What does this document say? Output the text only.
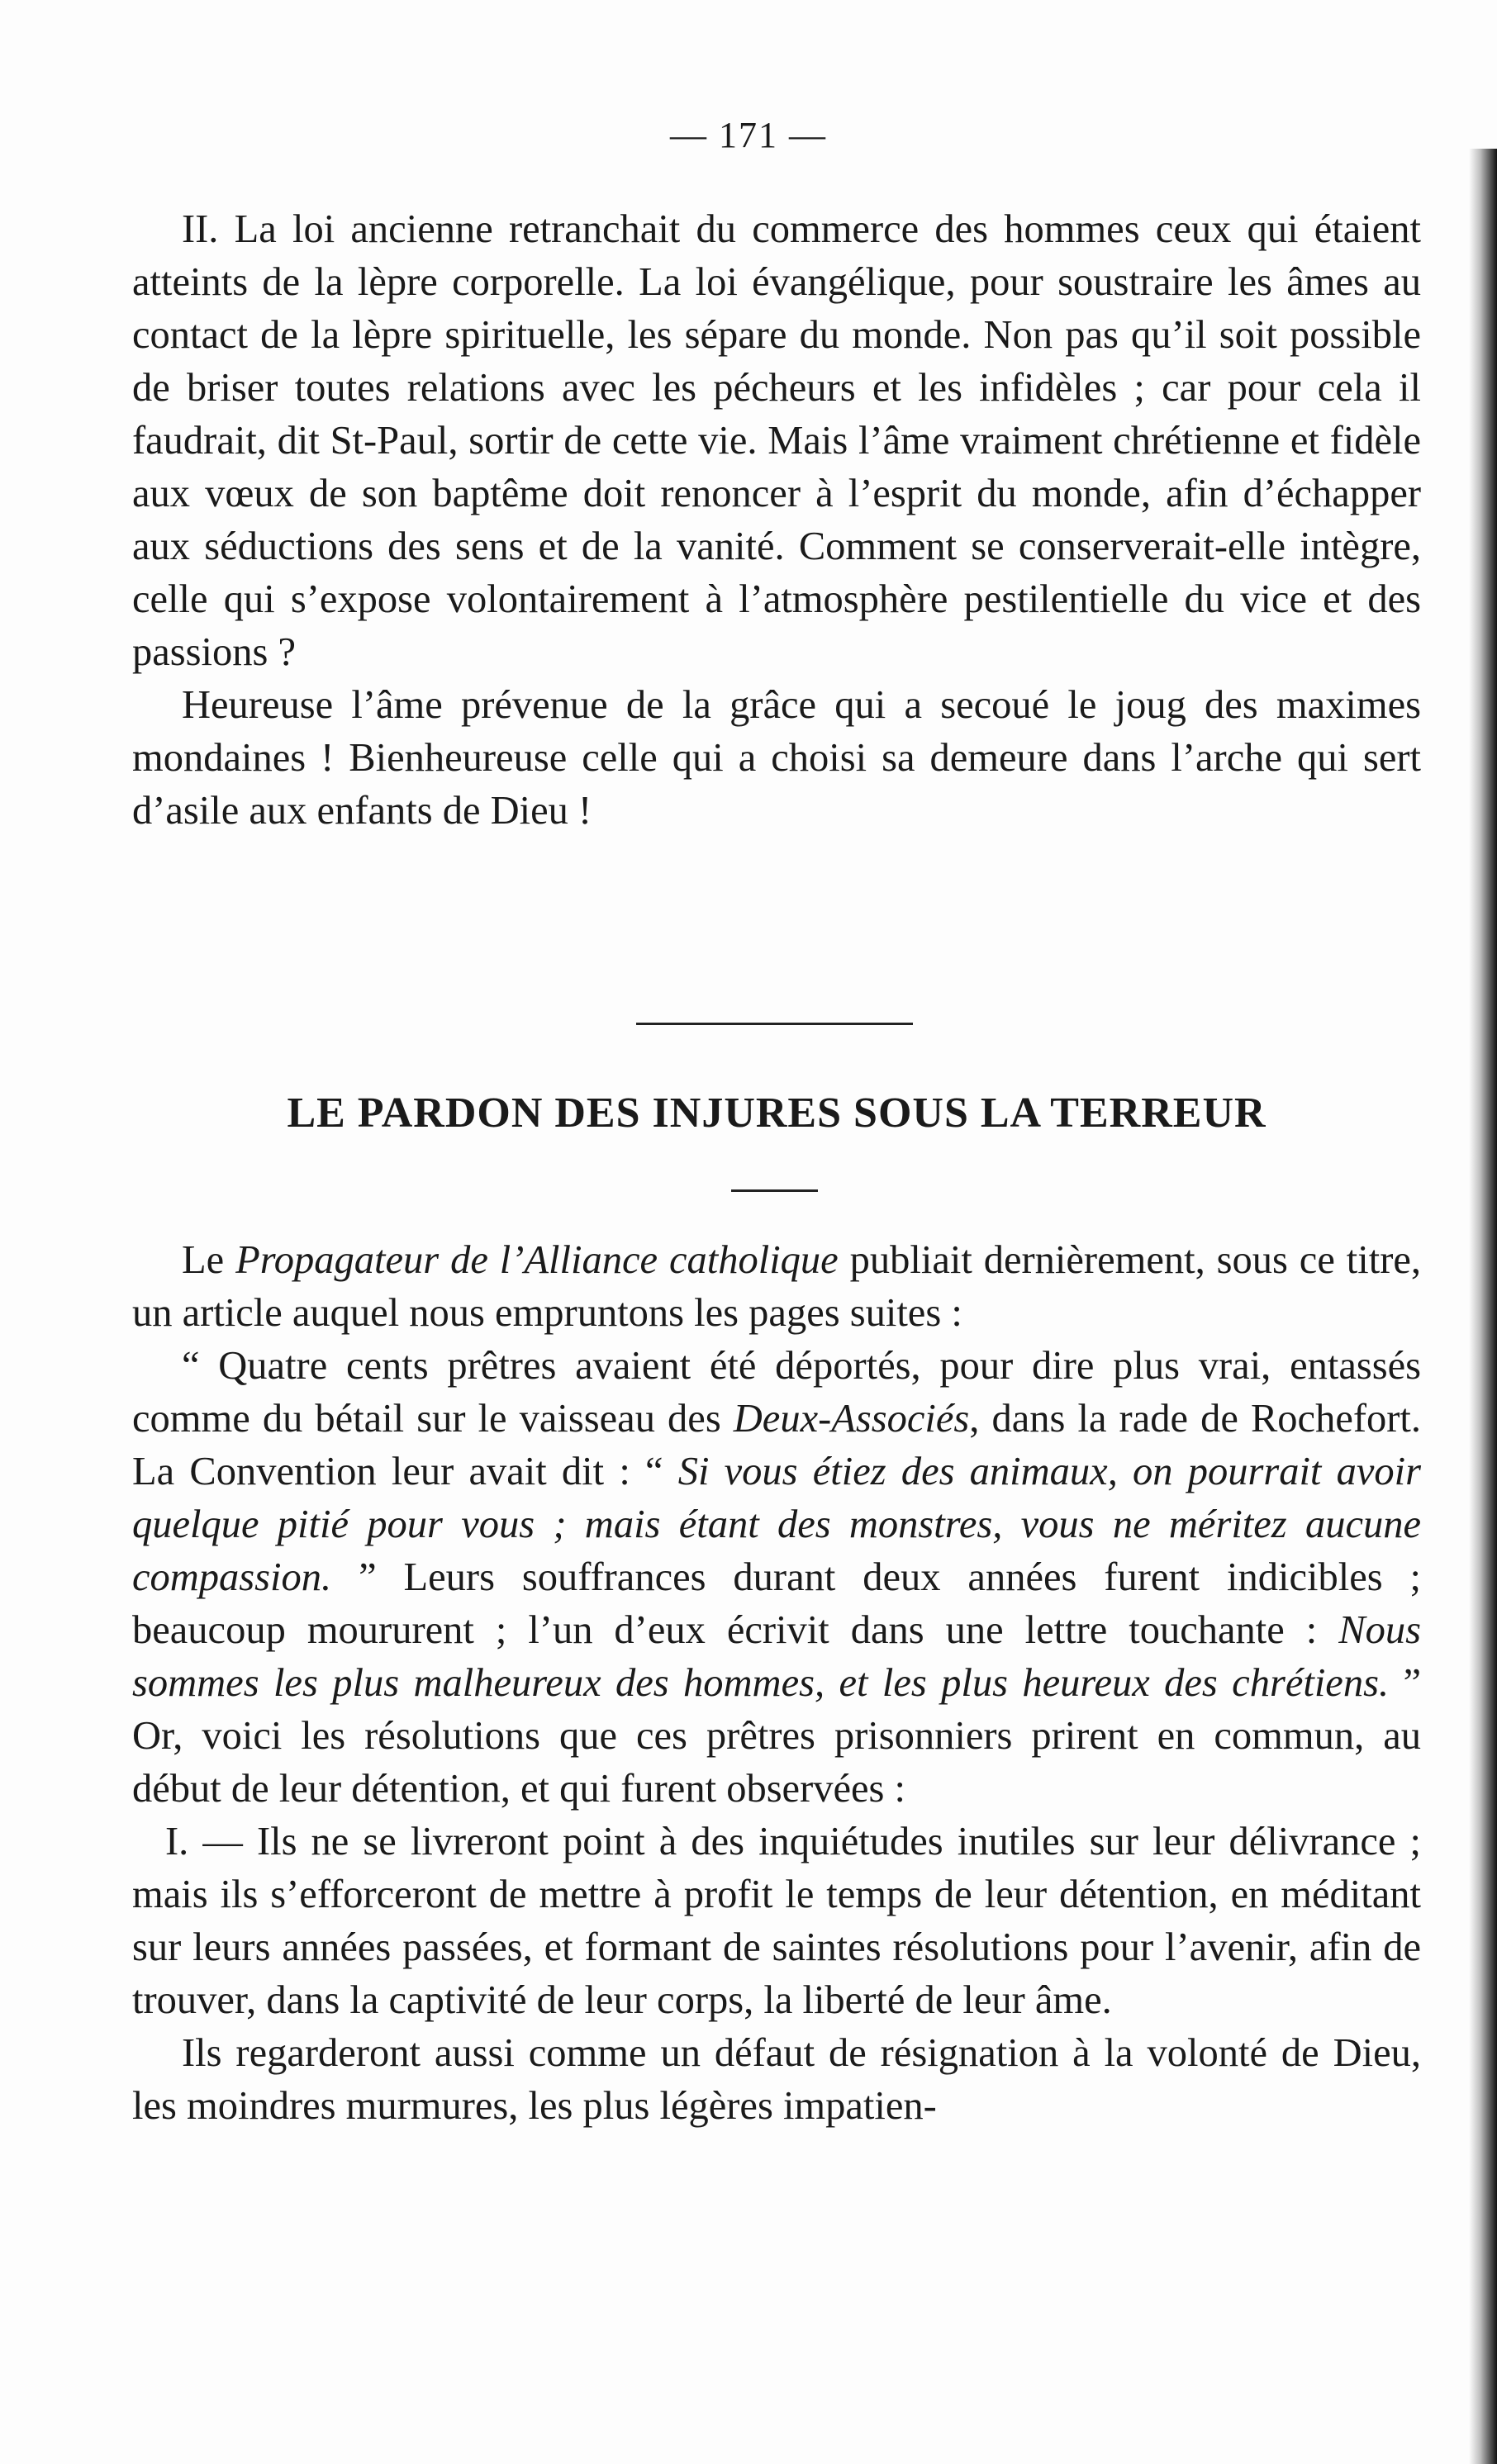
— 171 —

II. La loi ancienne retranchait du commerce des hommes ceux qui étaient atteints de la lèpre corporelle. La loi évangélique, pour soustraire les âmes au contact de la lèpre spirituelle, les sépare du monde. Non pas qu’il soit possible de briser toutes relations avec les pécheurs et les infidèles ; car pour cela il faudrait, dit St-Paul, sortir de cette vie. Mais l’âme vraiment chrétienne et fidèle aux vœux de son baptême doit renoncer à l’esprit du monde, afin d’échapper aux séductions des sens et de la vanité. Comment se conserverait-elle intègre, celle qui s’expose volontairement à l’atmosphère pestilentielle du vice et des passions ?

Heureuse l’âme prévenue de la grâce qui a secoué le joug des maximes mondaines ! Bienheureuse celle qui a choisi sa demeure dans l’arche qui sert d’asile aux enfants de Dieu !

LE PARDON DES INJURES SOUS LA TERREUR

Le Propagateur de l’Alliance catholique publiait dernièrement, sous ce titre, un article auquel nous empruntons les pages suites :

“ Quatre cents prêtres avaient été déportés, pour dire plus vrai, entassés comme du bétail sur le vaisseau des Deux-Associés, dans la rade de Rochefort. La Convention leur avait dit : “ Si vous étiez des animaux, on pourrait avoir quelque pitié pour vous ; mais étant des monstres, vous ne méritez aucune compassion. ” Leurs souffrances durant deux années furent indicibles ; beaucoup moururent ; l’un d’eux écrivit dans une lettre touchante : Nous sommes les plus malheureux des hommes, et les plus heureux des chrétiens. ” Or, voici les résolutions que ces prêtres prisonniers prirent en commun, au début de leur détention, et qui furent observées :

I. — Ils ne se livreront point à des inquiétudes inutiles sur leur délivrance ; mais ils s’efforceront de mettre à profit le temps de leur détention, en méditant sur leurs années passées, et formant de saintes résolutions pour l’avenir, afin de trouver, dans la captivité de leur corps, la liberté de leur âme.

Ils regarderont aussi comme un défaut de résignation à la volonté de Dieu, les moindres murmures, les plus légères impatien-
